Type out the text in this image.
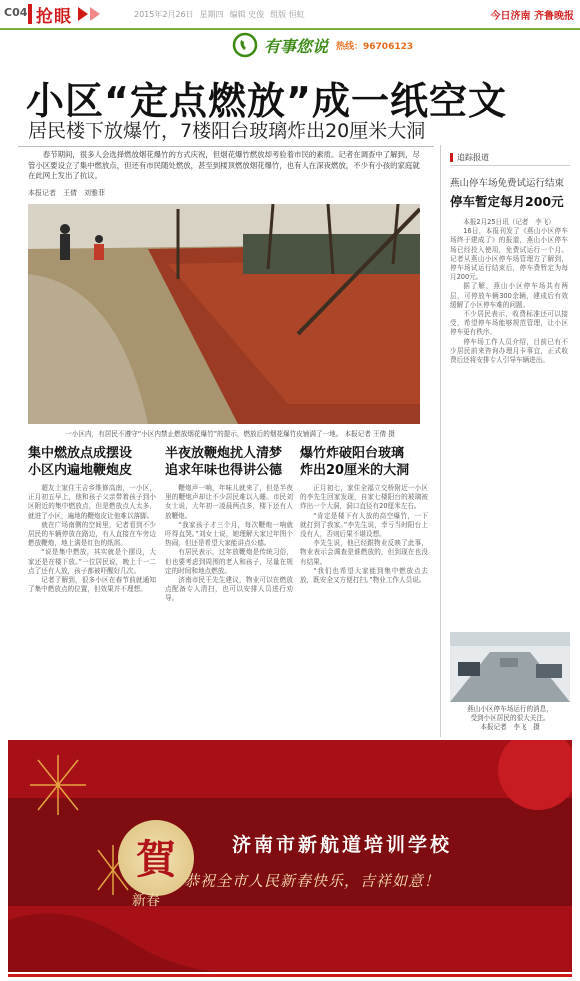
C04 抢眼	2015年2月26日 星期四 编辑 史俊 组版 恒虹	今日济南 齐鲁晚报
有事您说 热线：96706123
小区“定点燃放”成一纸空文
居民楼下放爆竹，7楼阳台玻璃炸出20厘米大洞
春节期间，很多人会选择燃放烟花爆竹的方式庆祝，但烟花爆竹燃放却考验着市民的素质。记者在调查中了解到，尽管小区要设立了集中燃放点，但还有市民随处燃放，甚至到楼顶燃放烟花爆竹，也有人在深夜燃放，不少有小孩的家庭就在此网上发出了抗议。
本报记者　王倩　刘雅菲
一小区内，有居民不遵守“小区内禁止燃放烟花爆竹”的提示，燃放后的烟花爆竹皮铺满了一地。 本报记者 王倩 摄
集中燃放点成摆设
小区内遍地鞭炮皮
半夜放鞭炮扰人清梦
追求年味也得讲公德
爆竹炸破阳台玻璃
炸出20厘米的大洞

超友士家住王吉乡维修高南，一小区，正月初五早上，他和孩子父亲带着孩子到小区附近的集中燃放点，但是燃放点人太多，就进了小区，遍地的鞭炮皮让他难以落脚。

就在广场南侧的空间里，记者看到不少居民的车辆停放在路边，有人直接在车旁边燃放鞭炮，地上满是红色的纸屑。

“说是集中燃放，其实就是个摆设，大家还是在楼下放。”一位居民说，晚上十一二点了还有人放，孩子都被吓醒好几次。

记者了解到，很多小区在春节前就通知了集中燃放点的位置，但效果并不理想。

鞭炮声一响，年味儿就来了，但是半夜里的鞭炮声却让不少居民难以入睡。市民刘女士说，大年初一凌晨两点多，楼下还有人放鞭炮。

“我家孩子才三个月，每次鞭炮一响就吓得直哭。”刘女士说，她理解大家过年图个热闹，但还是希望大家能讲点公德。

有居民表示，过年放鞭炮是传统习俗，但也要考虑到周围的老人和孩子，尽量在规定的时间和地点燃放。

济南市民王先生建议，物业可以在燃放点配备专人清扫，也可以安排人员进行劝导。

正月初七，家住全福立交桥附近一小区的李先生回家发现，自家七楼阳台的玻璃被炸出一个大洞，洞口直径有20厘米左右。

“肯定是楼下有人放的高空爆竹，一下就打到了我家。”李先生说，幸亏当时阳台上没有人，否则后果不堪设想。

李先生说，他已经跟物业反映了此事，物业表示会调查是谁燃放的，但到现在也没有结果。

“我们也希望大家能到集中燃放点去放，既安全又方便打扫。”物业工作人员说。

追踪报道
燕山停车场免费试运行结束
停车暂定每月200元

本报2月25日讯（记者　李飞）

16日，本报刊发了《燕山小区停车场终于建成了》的报道，燕山小区停车场已经投入使用，免费试运行一个月。记者从燕山小区停车场管理方了解到，停车场试运行结束后，停车费暂定为每月200元。

据了解，燕山小区停车场共有两层，可停放车辆300余辆，建成后有效缓解了小区停车难的问题。

不少居民表示，收费标准还可以接受，希望停车场能够规范管理，让小区停车更有秩序。

停车场工作人员介绍，目前已有不少居民前来咨询办理月卡事宜，正式收费后还将安排专人引导车辆进出。

燕山小区停车场运行的消息，
受到小区居民的很大关注。
本报记者　李飞　摄
賀
新春
济南市新航道培训学校
恭祝全市人民新春快乐，吉祥如意！
